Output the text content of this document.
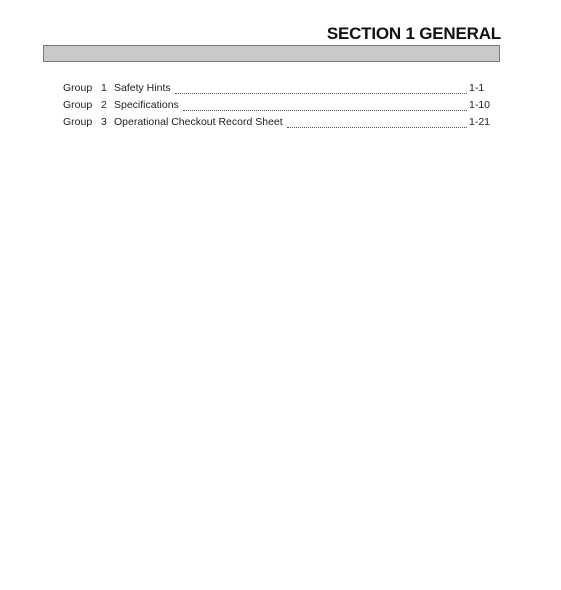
SECTION 1 GENERAL
Group 1 Safety Hints	1-1
Group 2 Specifications	1-10
Group 3 Operational Checkout Record Sheet	1-21
